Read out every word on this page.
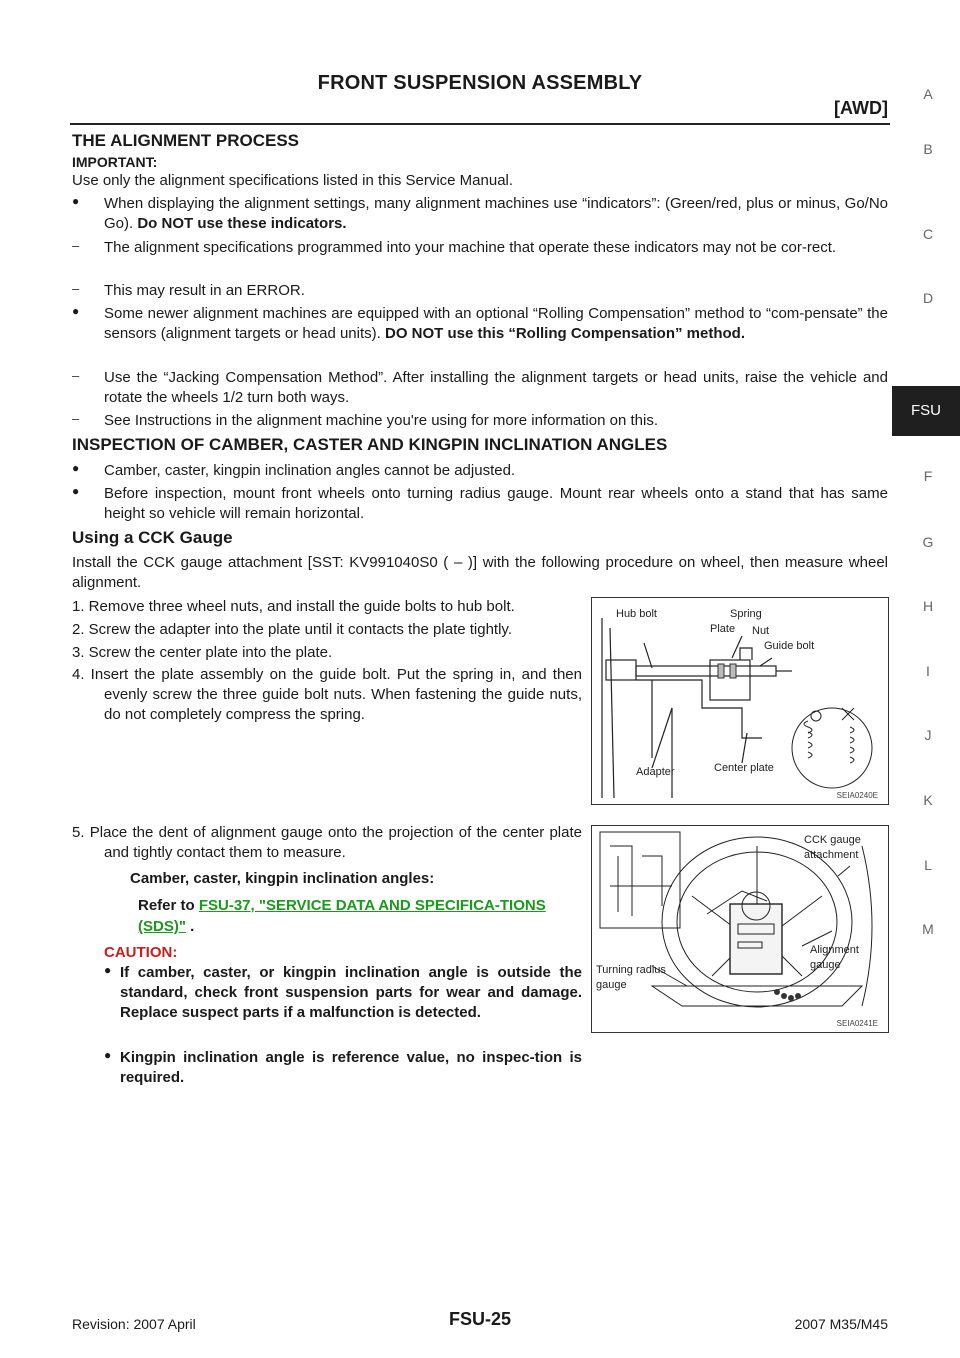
FRONT SUSPENSION ASSEMBLY
[AWD]
A
B
C
D
FSU
F
G
H
I
J
K
L
M
THE ALIGNMENT PROCESS
IMPORTANT:
Use only the alignment specifications listed in this Service Manual.
● When displaying the alignment settings, many alignment machines use “indicators”: (Green/red, plus or minus, Go/No Go). Do NOT use these indicators.
– The alignment specifications programmed into your machine that operate these indicators may not be cor-rect.
– This may result in an ERROR.
● Some newer alignment machines are equipped with an optional “Rolling Compensation” method to “com-pensate” the sensors (alignment targets or head units). DO NOT use this “Rolling Compensation” method.
– Use the “Jacking Compensation Method”. After installing the alignment targets or head units, raise the vehicle and rotate the wheels 1/2 turn both ways.
– See Instructions in the alignment machine you're using for more information on this.
INSPECTION OF CAMBER, CASTER AND KINGPIN INCLINATION ANGLES
● Camber, caster, kingpin inclination angles cannot be adjusted.
● Before inspection, mount front wheels onto turning radius gauge. Mount rear wheels onto a stand that has same height so vehicle will remain horizontal.
Using a CCK Gauge
Install the CCK gauge attachment [SST: KV991040S0 ( – )] with the following procedure on wheel, then measure wheel alignment.
1. Remove three wheel nuts, and install the guide bolts to hub bolt.
2. Screw the adapter into the plate until it contacts the plate tightly.
3. Screw the center plate into the plate.
4. Insert the plate assembly on the guide bolt. Put the spring in, and then evenly screw the three guide bolt nuts. When fastening the guide nuts, do not completely compress the spring.
5. Place the dent of alignment gauge onto the projection of the center plate and tightly contact them to measure.
Camber, caster, kingpin inclination angles:
Refer to FSU-37, "SERVICE DATA AND SPECIFICA-TIONS (SDS)" .
CAUTION:
● If camber, caster, or kingpin inclination angle is outside the standard, check front suspension parts for wear and damage. Replace suspect parts if a malfunction is detected.
● Kingpin inclination angle is reference value, no inspec-tion is required.
Hub bolt	Spring
Plate Nut
Guide bolt
Adapter	Center plate
SEIA0240E
CCK gauge
attachment
Alignment
gauge
Turning radius
gauge
SEIA0241E
Revision: 2007 April	FSU-25	2007 M35/M45
